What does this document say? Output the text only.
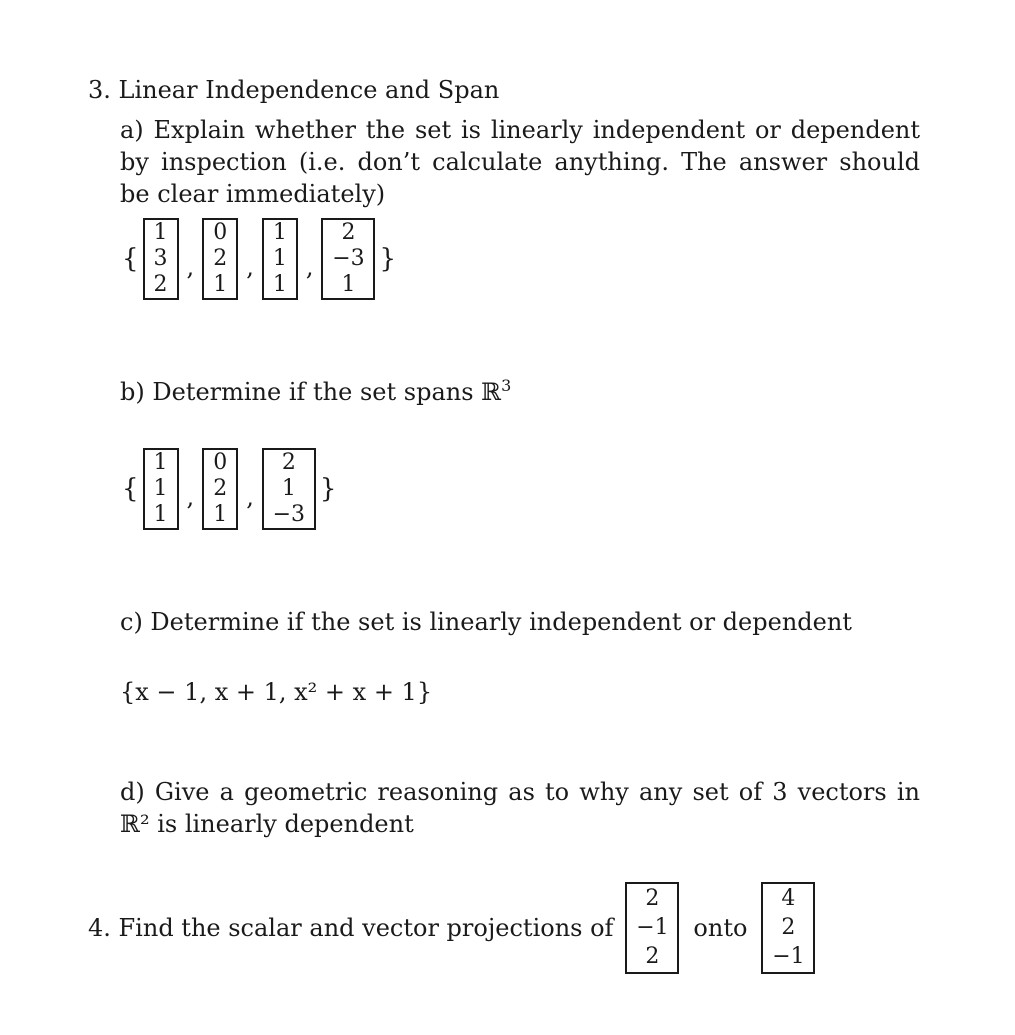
3. Linear Independence and Span
a) Explain whether the set is linearly independent or dependent by inspection (i.e. don’t calculate anything. The answer should be clear immediately)
{
1
3
2
,
0
2
1
,
1
1
1
,
2
−3
1
}
b) Determine if the set spans ℝ$^3$
{
1
1
1
,
0
2
1
,
2
1
−3
}
c) Determine if the set is linearly independent or dependent
{x − 1, x + 1, x² + x + 1}
d) Give a geometric reasoning as to why any set of 3 vectors in ℝ² is linearly dependent
4. Find the scalar and vector projections of
2
−1
2
onto
4
2
−1
